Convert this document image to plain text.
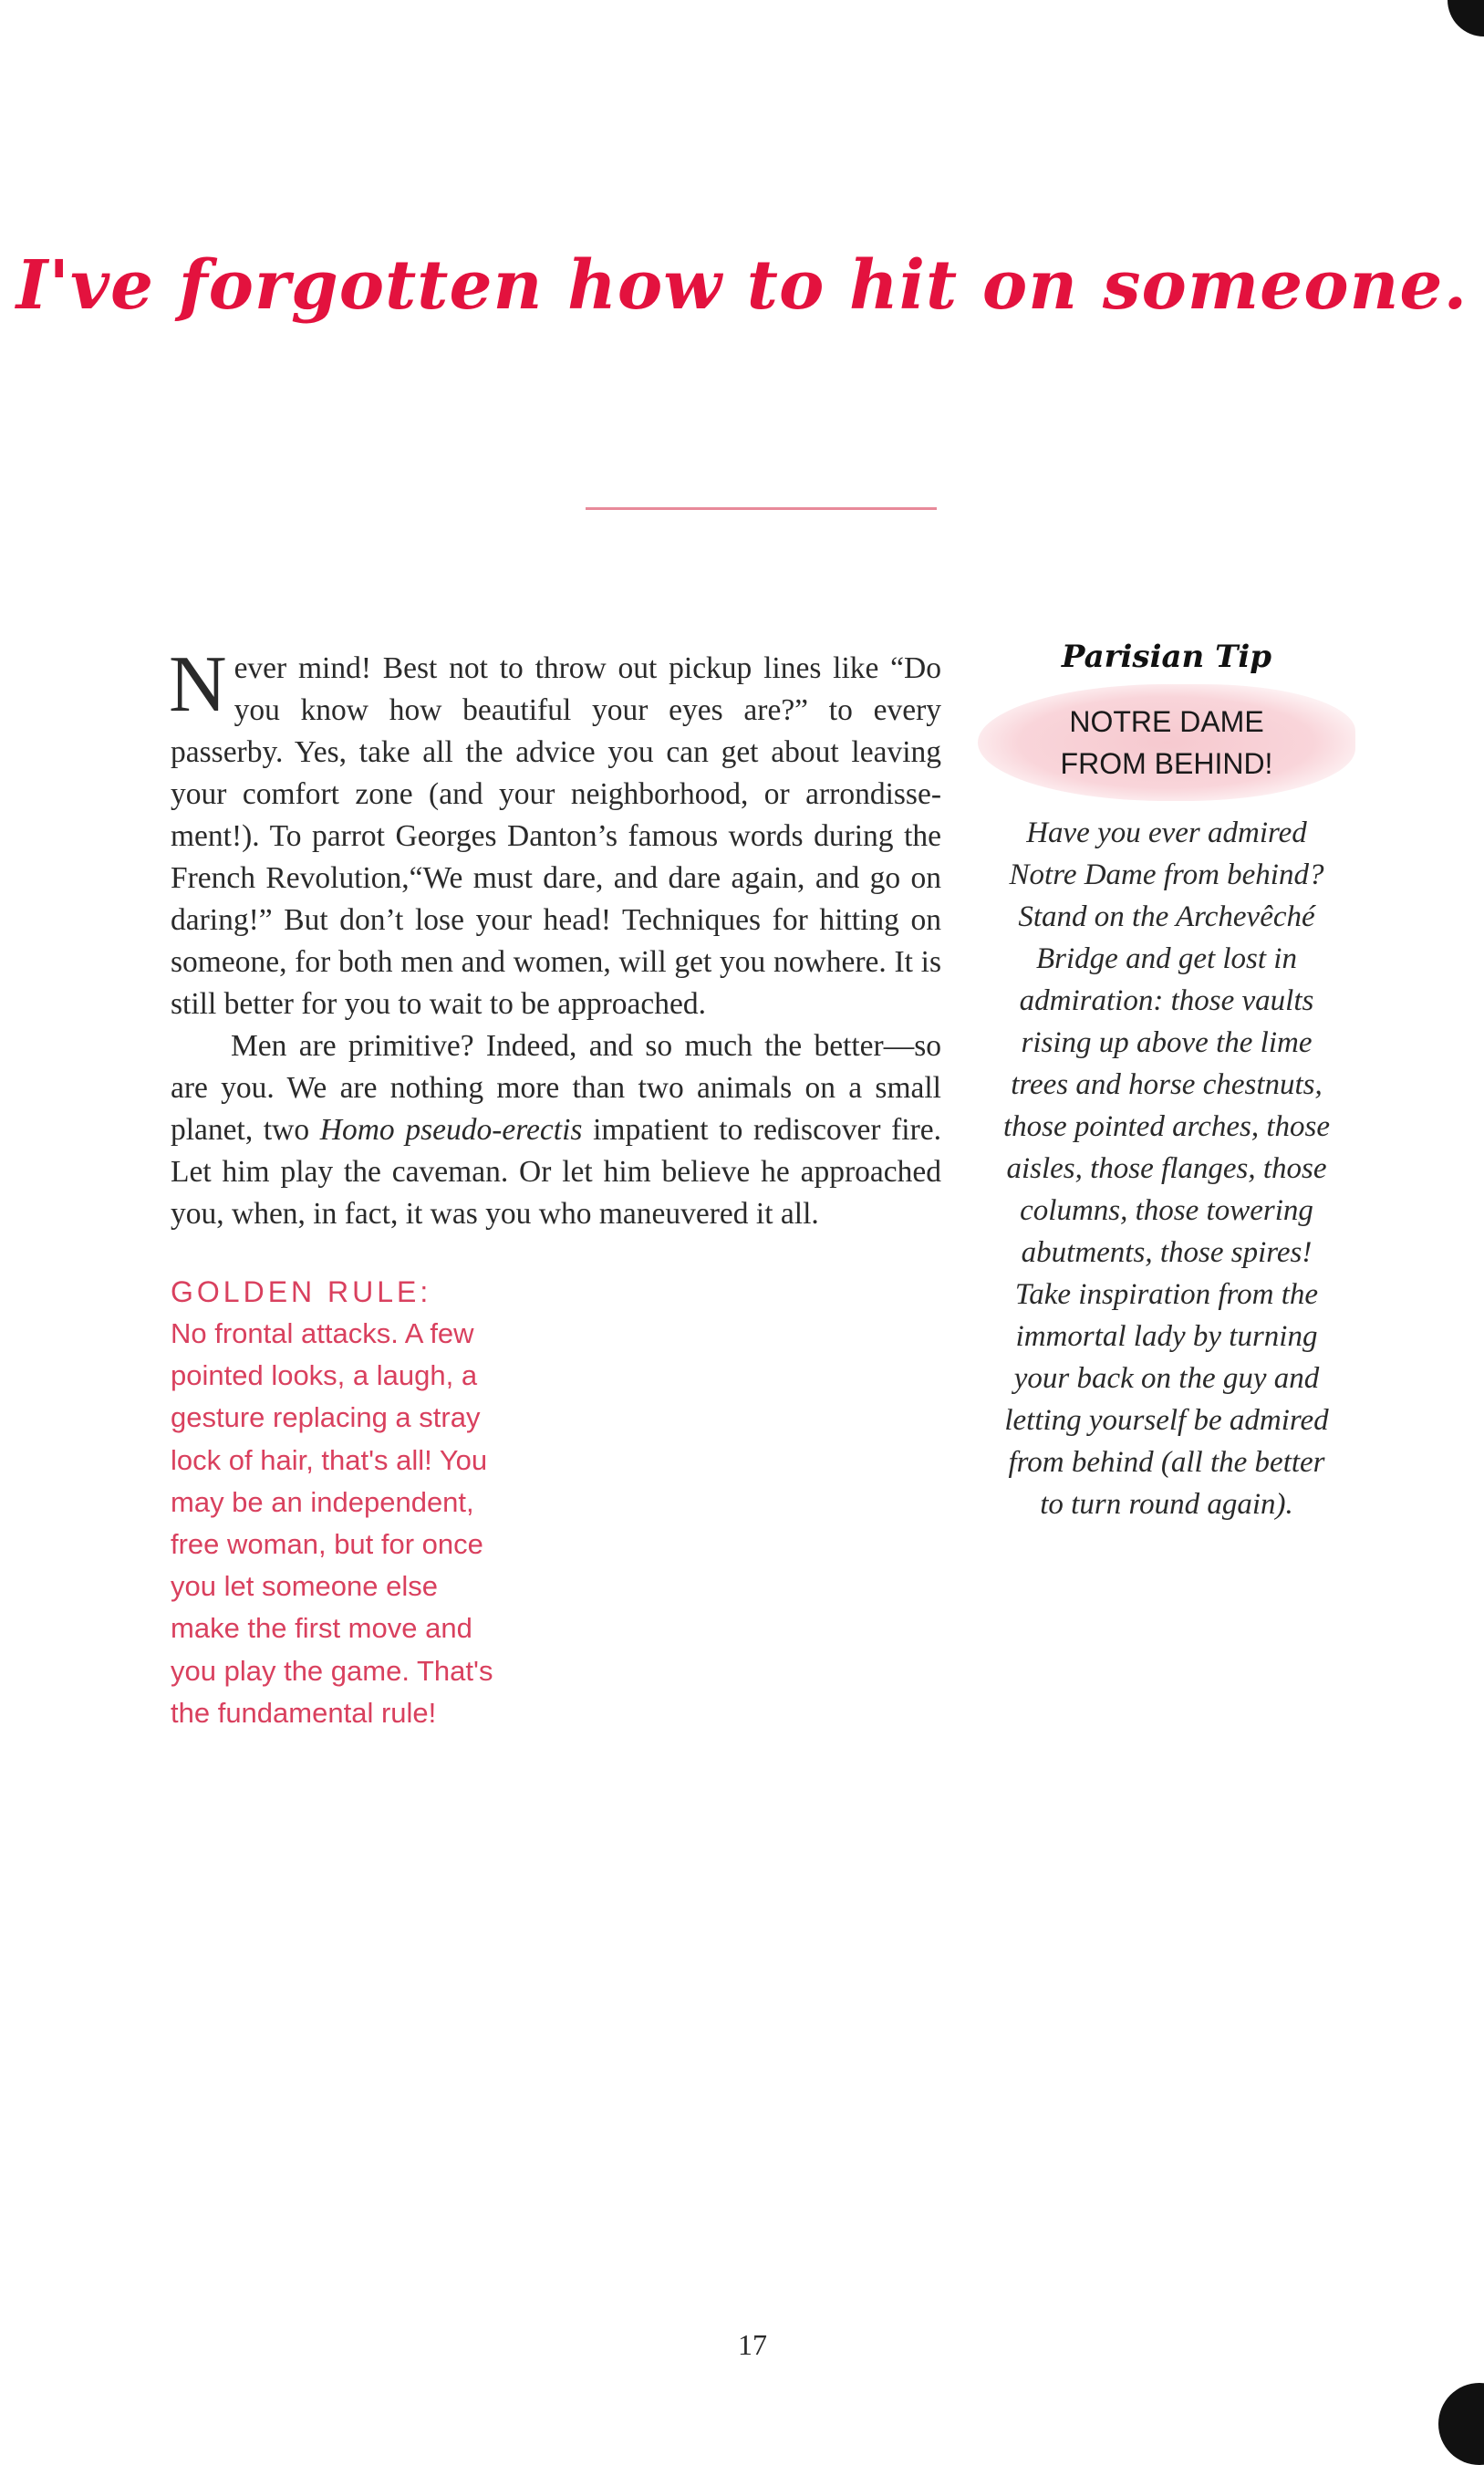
I've forgotten how to hit on someone.

Never mind! Best not to throw out pickup lines like “Do you know how beautiful your eyes are?” to every passerby. Yes, take all the advice you can get about leaving your comfort zone (and your neighborhood, or arrondisse-ment!). To parrot Georges Danton’s famous words during the French Revolution,“We must dare, and dare again, and go on daring!” But don’t lose your head! Techniques for hitting on someone, for both men and women, will get you nowhere. It is still better for you to wait to be approached.

Men are primitive? Indeed, and so much the better—so are you. We are nothing more than two animals on a small planet, two Homo pseudo-erectis impatient to rediscover fire. Let him play the caveman. Or let him believe he approached you, when, in fact, it was you who maneuvered it all.

GOLDEN RULE:
No frontal attacks. A few
pointed looks, a laugh, a
gesture replacing a stray
lock of hair, that's all! You
may be an independent,
free woman, but for once
you let someone else
make the first move and
you play the game. That's
the fundamental rule!
Parisian Tip
NOTRE DAME
FROM BEHIND!
Have you ever admired
Notre Dame from behind?
Stand on the Archevêché
Bridge and get lost in
admiration: those vaults
rising up above the lime
trees and horse chestnuts,
those pointed arches, those
aisles, those flanges, those
columns, those towering
abutments, those spires!
Take inspiration from the
immortal lady by turning
your back on the guy and
letting yourself be admired
from behind (all the better
to turn round again).
17
